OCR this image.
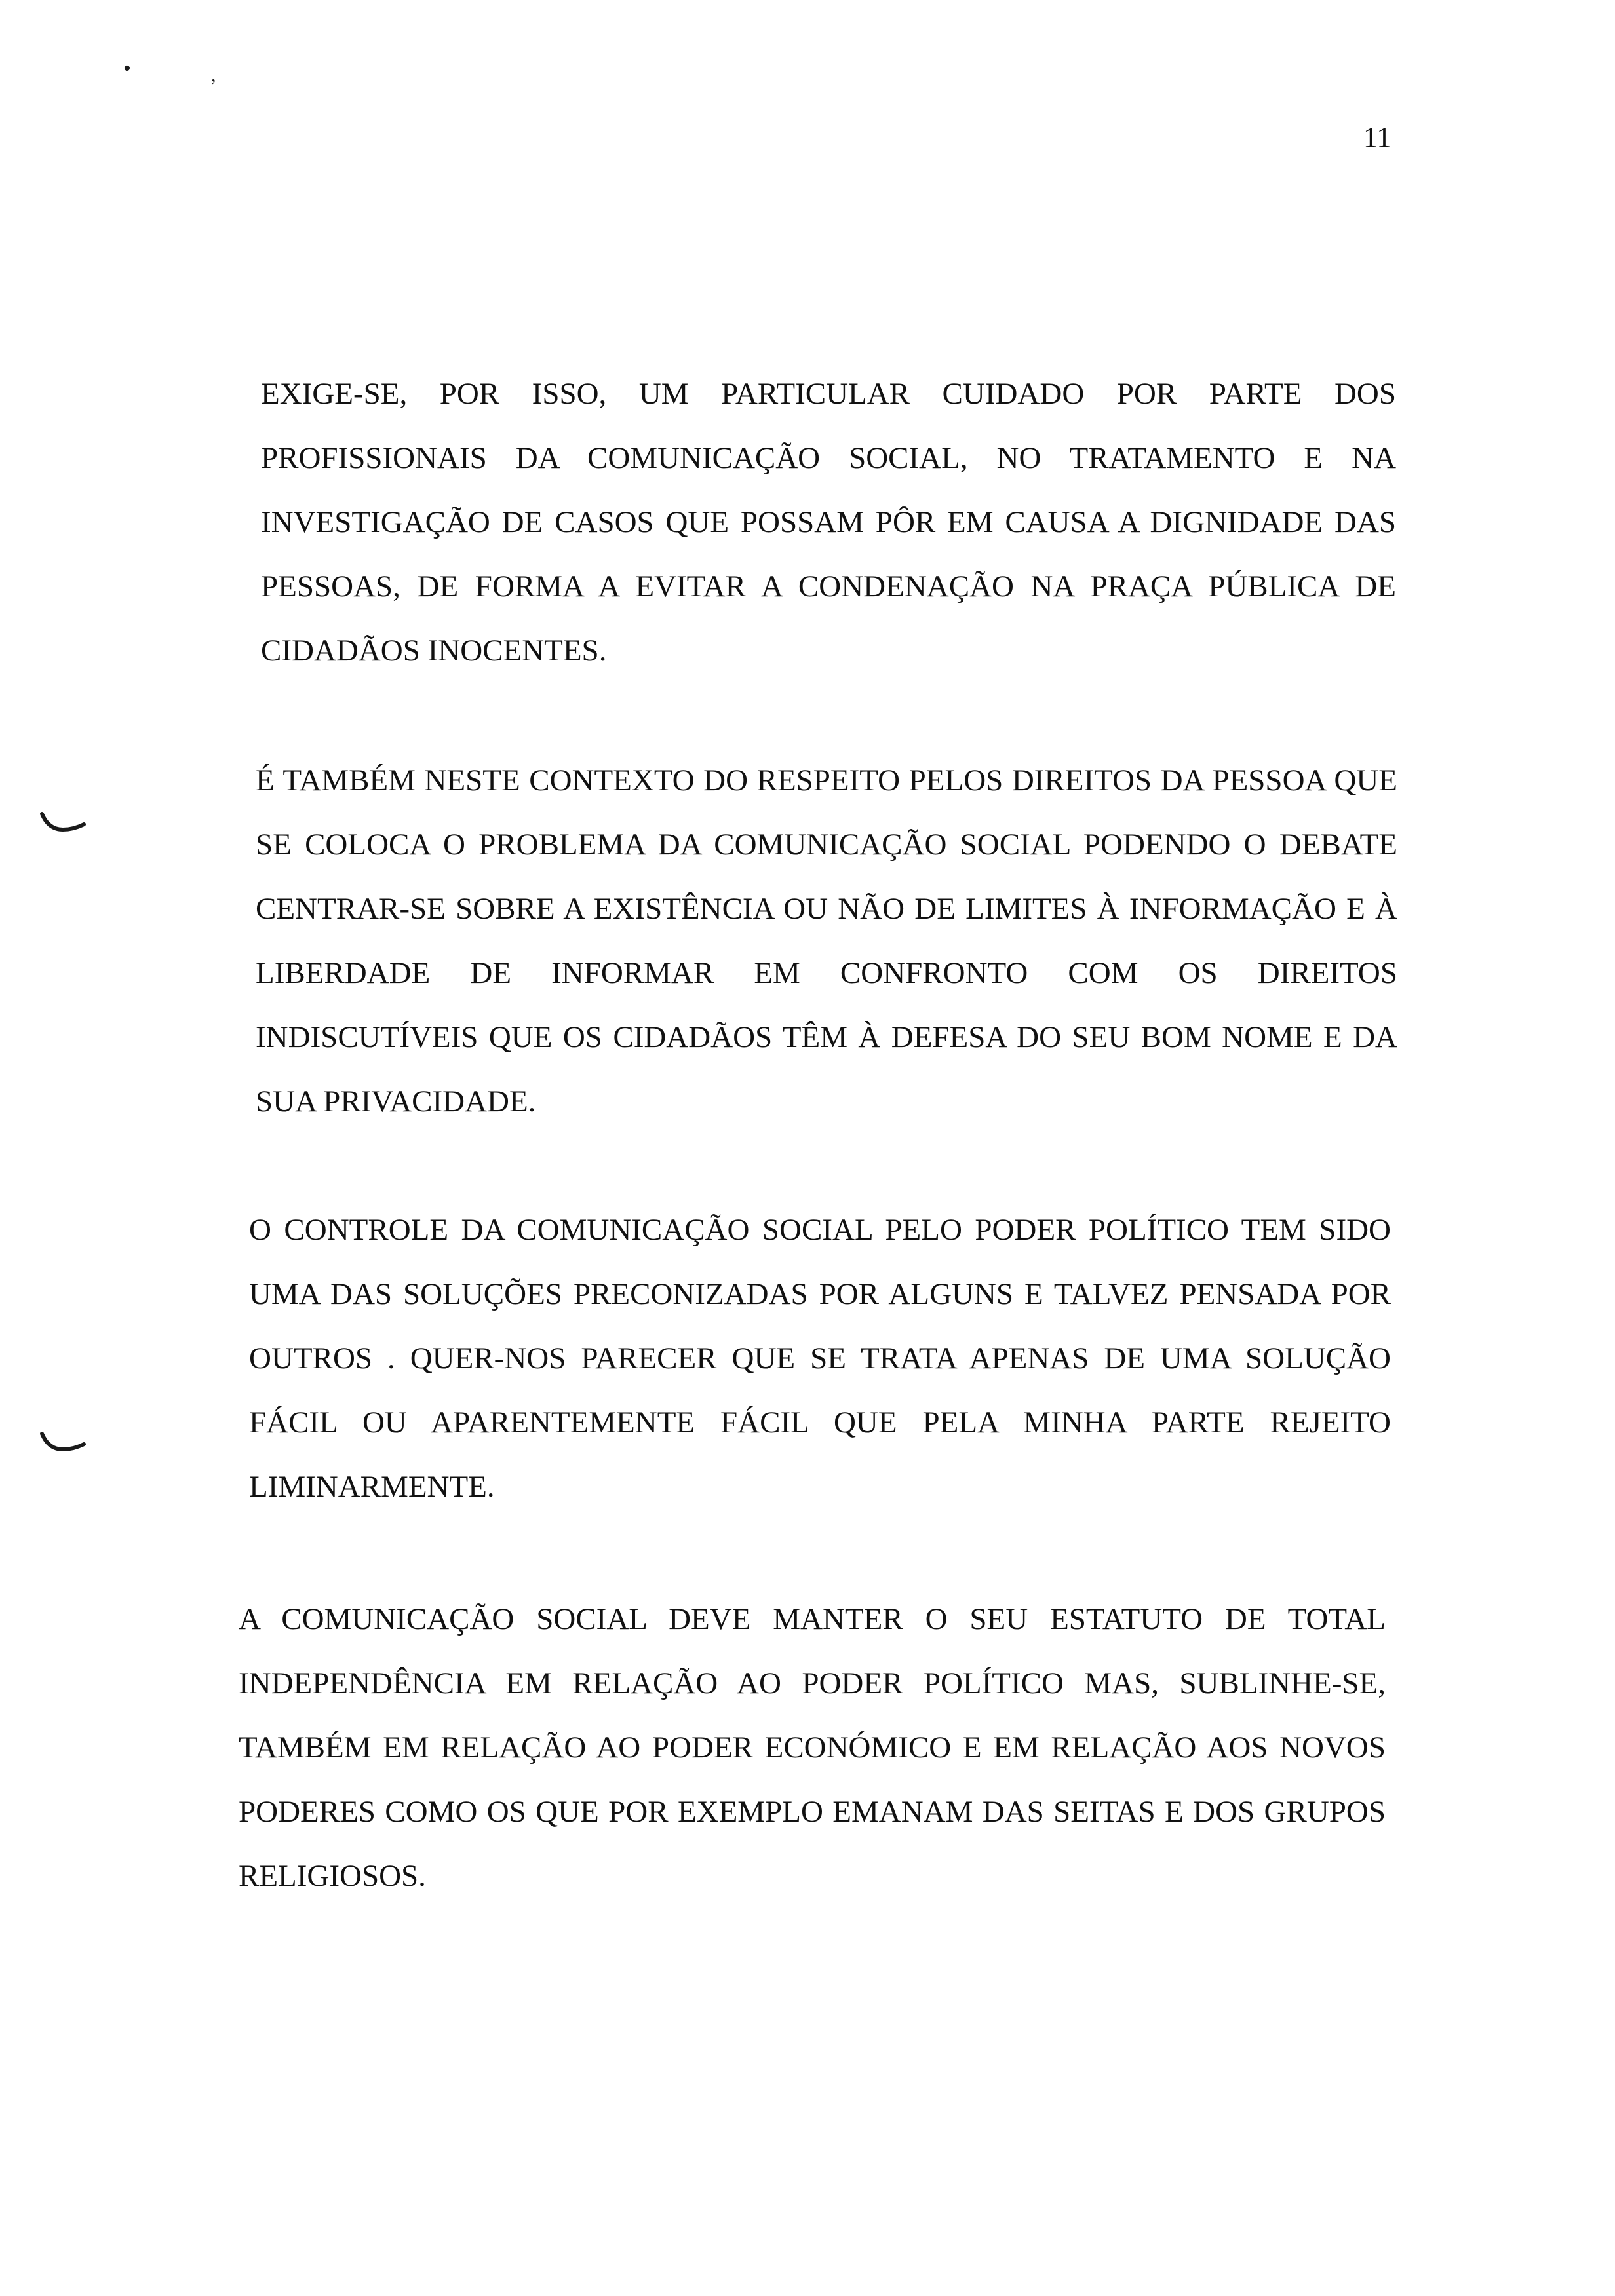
•	,
11

EXIGE-SE, POR ISSO, UM PARTICULAR CUIDADO POR PARTE DOS PROFISSIONAIS DA COMUNICAÇÃO SOCIAL, NO TRATAMENTO E NA INVESTIGAÇÃO DE CASOS QUE POSSAM PÔR EM CAUSA A DIGNIDADE DAS PESSOAS, DE FORMA A EVITAR A CONDENAÇÃO NA PRAÇA PÚBLICA DE CIDADÃOS INOCENTES.

É TAMBÉM NESTE CONTEXTO DO RESPEITO PELOS DIREITOS DA PESSOA QUE SE COLOCA O PROBLEMA DA COMUNICAÇÃO SOCIAL PODENDO O DEBATE CENTRAR-SE SOBRE A EXISTÊNCIA OU NÃO DE LIMITES À INFORMAÇÃO E À LIBERDADE DE INFORMAR EM CONFRONTO COM OS DIREITOS INDISCUTÍVEIS QUE OS CIDADÃOS TÊM À DEFESA DO SEU BOM NOME E DA SUA PRIVACIDADE.

O CONTROLE DA COMUNICAÇÃO SOCIAL PELO PODER POLÍTICO TEM SIDO UMA DAS SOLUÇÕES PRECONIZADAS POR ALGUNS E TALVEZ PENSADA POR OUTROS . QUER-NOS PARECER QUE SE TRATA APENAS DE UMA SOLUÇÃO FÁCIL OU APARENTEMENTE FÁCIL QUE PELA MINHA PARTE REJEITO LIMINARMENTE.

A COMUNICAÇÃO SOCIAL DEVE MANTER O SEU ESTATUTO DE TOTAL INDEPENDÊNCIA EM RELAÇÃO AO PODER POLÍTICO MAS, SUBLINHE-SE, TAMBÉM EM RELAÇÃO AO PODER ECONÓMICO E EM RELAÇÃO AOS NOVOS PODERES COMO OS QUE POR EXEMPLO EMANAM DAS SEITAS E DOS GRUPOS RELIGIOSOS.
